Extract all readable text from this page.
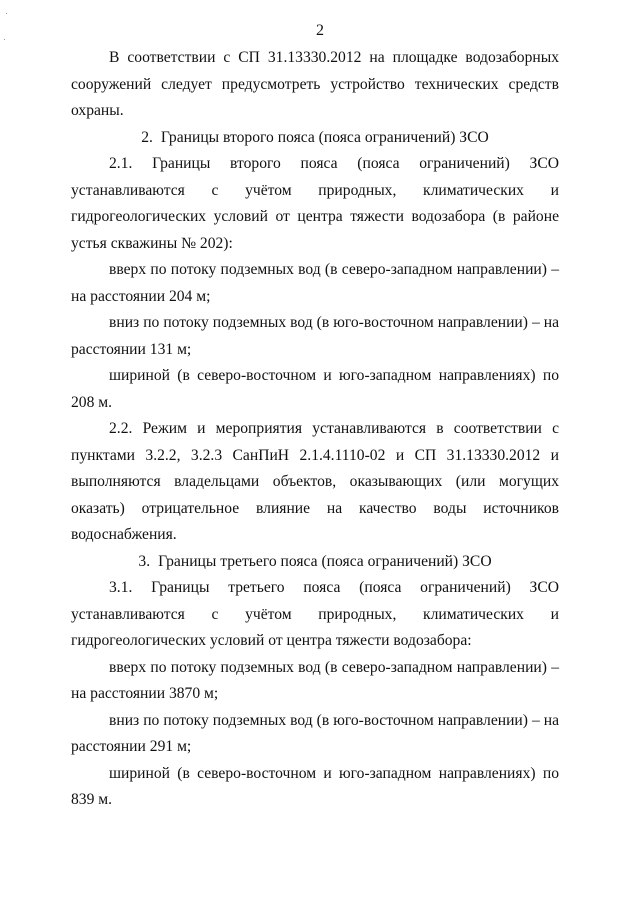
2

В соответствии с СП 31.13330.2012 на площадке водозаборных сооружений следует предусмотреть устройство технических средств охраны.

2. Границы второго пояса (пояса ограничений) ЗСО

2.1. Границы второго пояса (пояса ограничений) ЗСО устанавливаются с учётом природных, климатических и гидрогеологических условий от центра тяжести водозабора (в районе устья скважины № 202):

вверх по потоку подземных вод (в северо-западном направлении) – на расстоянии 204 м;

вниз по потоку подземных вод (в юго-восточном направлении) – на расстоянии 131 м;

шириной (в северо-восточном и юго-западном направлениях) по 208 м.

2.2. Режим и мероприятия устанавливаются в соответствии с пунктами 3.2.2, 3.2.3 СанПиН 2.1.4.1110-02 и СП 31.13330.2012 и выполняются владельцами объектов, оказывающих (или могущих оказать) отрицательное влияние на качество воды источников водоснабжения.

3. Границы третьего пояса (пояса ограничений) ЗСО

3.1. Границы третьего пояса (пояса ограничений) ЗСО устанавливаются с учётом природных, климатических и гидрогеологических условий от центра тяжести водозабора:

вверх по потоку подземных вод (в северо-западном направлении) – на расстоянии 3870 м;

вниз по потоку подземных вод (в юго-восточном направлении) – на расстоянии 291 м;

шириной (в северо-восточном и юго-западном направлениях) по 839 м.
